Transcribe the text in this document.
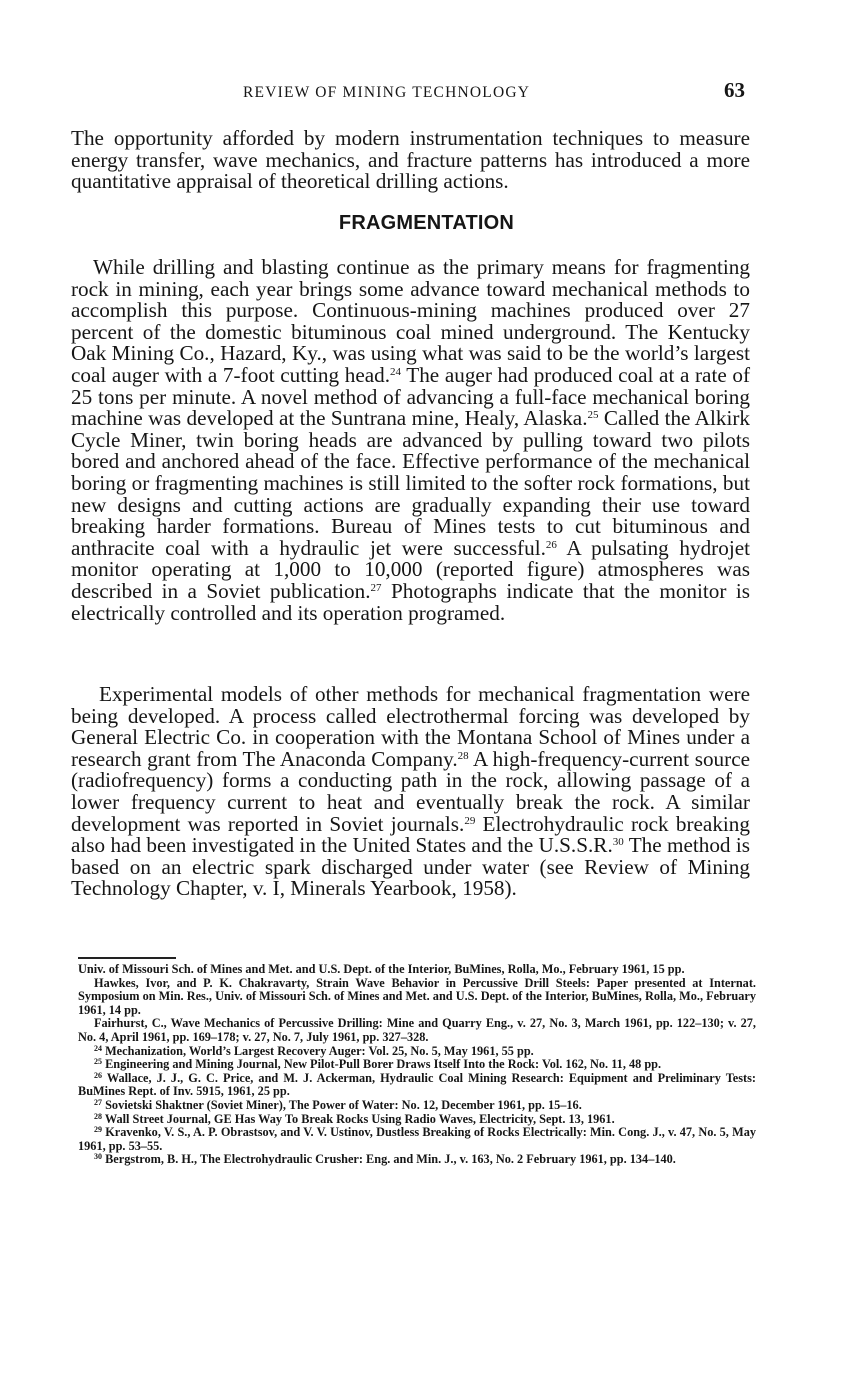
REVIEW OF MINING TECHNOLOGY	63

The opportunity afforded by modern instrumentation techniques to measure energy transfer, wave mechanics, and fracture patterns has introduced a more quantitative appraisal of theoretical drilling actions.

FRAGMENTATION

While drilling and blasting continue as the primary means for fragmenting rock in mining, each year brings some advance toward mechanical methods to accomplish this purpose. Continuous-mining machines produced over 27 percent of the domestic bituminous coal mined underground. The Kentucky Oak Mining Co., Hazard, Ky., was using what was said to be the world’s largest coal auger with a 7-foot cutting head.$^{24}$ The auger had produced coal at a rate of 25 tons per minute. A novel method of advancing a full-face mechanical boring machine was developed at the Suntrana mine, Healy, Alaska.$^{25}$ Called the Alkirk Cycle Miner, twin boring heads are advanced by pulling toward two pilots bored and anchored ahead of the face. Effective performance of the mechanical boring or fragmenting machines is still limited to the softer rock formations, but new designs and cutting actions are gradually expanding their use toward breaking harder formations. Bureau of Mines tests to cut bituminous and anthracite coal with a hydraulic jet were successful.$^{26}$ A pulsating hydrojet monitor operating at 1,000 to 10,000 (reported figure) atmospheres was described in a Soviet publication.$^{27}$ Photographs indicate that the monitor is electrically controlled and its operation programed.

Experimental models of other methods for mechanical fragmentation were being developed. A process called electrothermal forcing was developed by General Electric Co. in cooperation with the Montana School of Mines under a research grant from The Anaconda Company.$^{28}$ A high-frequency-current source (radiofrequency) forms a conducting path in the rock, allowing passage of a lower frequency current to heat and eventually break the rock. A similar development was reported in Soviet journals.$^{29}$ Electrohydraulic rock breaking also had been investigated in the United States and the U.S.S.R.$^{30}$ The method is based on an electric spark discharged under water (see Review of Mining Technology Chapter, v. I, Minerals Yearbook, 1958).

Univ. of Missouri Sch. of Mines and Met. and U.S. Dept. of the Interior, BuMines, Rolla, Mo., February 1961, 15 pp.

Hawkes, Ivor, and P. K. Chakravarty, Strain Wave Behavior in Percussive Drill Steels: Paper presented at Internat. Symposium on Min. Res., Univ. of Missouri Sch. of Mines and Met. and U.S. Dept. of the Interior, BuMines, Rolla, Mo., February 1961, 14 pp.

Fairhurst, C., Wave Mechanics of Percussive Drilling: Mine and Quarry Eng., v. 27, No. 3, March 1961, pp. 122–130; v. 27, No. 4, April 1961, pp. 169–178; v. 27, No. 7, July 1961, pp. 327–328.

$^{24}$ Mechanization, World’s Largest Recovery Auger: Vol. 25, No. 5, May 1961, 55 pp.

$^{25}$ Engineering and Mining Journal, New Pilot-Pull Borer Draws Itself Into the Rock: Vol. 162, No. 11, 48 pp.

$^{26}$ Wallace, J. J., G. C. Price, and M. J. Ackerman, Hydraulic Coal Mining Research: Equipment and Preliminary Tests: BuMines Rept. of Inv. 5915, 1961, 25 pp.

$^{27}$ Sovietski Shaktner (Soviet Miner), The Power of Water: No. 12, December 1961, pp. 15–16.

$^{28}$ Wall Street Journal, GE Has Way To Break Rocks Using Radio Waves, Electricity, Sept. 13, 1961.

$^{29}$ Kravenko, V. S., A. P. Obrastsov, and V. V. Ustinov, Dustless Breaking of Rocks Electrically: Min. Cong. J., v. 47, No. 5, May 1961, pp. 53–55.

$^{30}$ Bergstrom, B. H., The Electrohydraulic Crusher: Eng. and Min. J., v. 163, No. 2 February 1961, pp. 134–140.
